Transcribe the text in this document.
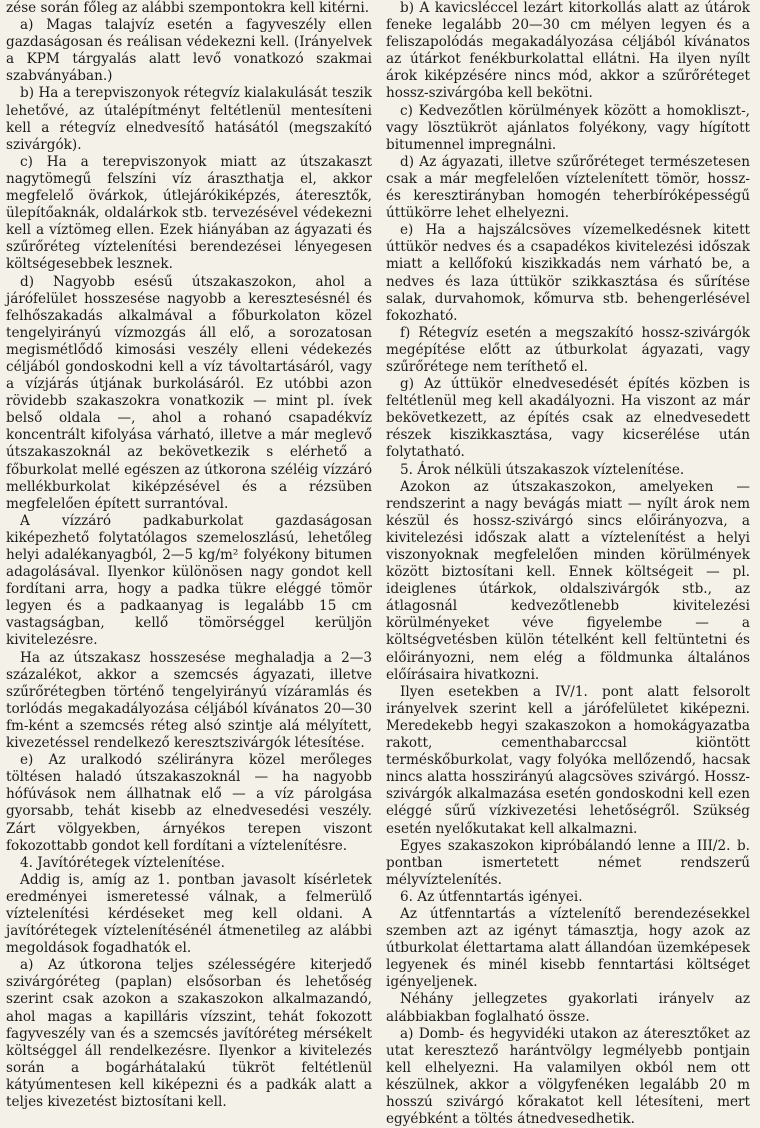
zése során főleg az alábbi szempontokra kell kitérni.

a) Magas talajvíz esetén a fagyveszély ellen gazdaságosan és reálisan védekezni kell. (Irányelvek a KPM tárgyalás alatt levő vonatkozó szakmai szabványában.)

b) Ha a terepviszonyok rétegvíz kialakulását teszik lehetővé, az útalépítményt feltétlenül mentesíteni kell a rétegvíz elnedvesítő hatásától (megszakító szivárgók).

c) Ha a terepviszonyok miatt az útszakaszt nagytömegű felszíni víz áraszthatja el, akkor megfelelő övárkok, útlejárókiképzés, áteresztők, ülepítőaknák, oldalárkok stb. tervezésével védekezni kell a víztömeg ellen. Ezek hiányában az ágyazati és szűrőréteg víztelenítési berendezései lényegesen költségesebbek lesznek.

d) Nagyobb esésű útszakaszokon, ahol a járófelület hosszesése nagyobb a keresztesésnél és felhőszakadás alkalmával a főburkolaton közel tengelyirányú vízmozgás áll elő, a sorozatosan megismétlődő kimosási veszély elleni védekezés céljából gondoskodni kell a víz távoltartásáról, vagy a vízjárás útjának burkolásáról. Ez utóbbi azon rövidebb szakaszokra vonatkozik — mint pl. ívek belső oldala —, ahol a rohanó csapadékvíz koncentrált kifolyása várható, illetve a már meglevő útszakaszoknál az bekövetkezik s elérhető a főburkolat mellé egészen az útkorona széléig vízzáró mellékburkolat kiképzésével és a rézsüben megfelelően épített surrantóval.

A vízzáró padkaburkolat gazdaságosan kiképezhető folytatólagos szemeloszlású, lehetőleg helyi adalékanyagból, 2—5 kg/m² folyékony bitumen adagolásával. Ilyenkor különösen nagy gondot kell fordítani arra, hogy a padka tükre eléggé tömör legyen és a padkaanyag is legalább 15 cm vastagságban, kellő tömörséggel kerüljön kivitelezésre.

Ha az útszakasz hosszesése meghaladja a 2—3 százalékot, akkor a szemcsés ágyazati, illetve szűrőrétegben történő tengelyirányú vízáramlás és torlódás megakadályozása céljából kívánatos 20—30 fm-ként a szemcsés réteg alsó szintje alá mélyített, kivezetéssel rendelkező keresztszivárgók létesítése.

e) Az uralkodó szélirányra közel merőleges töltésen haladó útszakaszoknál — ha nagyobb hófúvások nem állhatnak elő — a víz párolgása gyorsabb, tehát kisebb az elnedvesedési veszély. Zárt völgyekben, árnyékos terepen viszont fokozottabb gondot kell fordítani a víztelenítésre.

4. Javítórétegek víztelenítése.

Addig is, amíg az 1. pontban javasolt kísérletek eredményei ismeretessé válnak, a felmerülő víztelenítési kérdéseket meg kell oldani. A javítórétegek víztelenítésénél átmenetileg az alábbi megoldások fogadhatók el.

a) Az útkorona teljes szélességére kiterjedő szivárgóréteg (paplan) elsősorban és lehetőség szerint csak azokon a szakaszokon alkalmazandó, ahol magas a kapilláris vízszint, tehát fokozott fagyveszély van és a szemcsés javítóréteg mérsékelt költséggel áll rendelkezésre. Ilyenkor a kivitelezés során a bogárhátalakú tükröt feltétlenül kátyúmentesen kell kiképezni és a padkák alatt a teljes kivezetést biztosítani kell.

b) A kavicsléccel lezárt kitorkollás alatt az útárok feneke legalább 20—30 cm mélyen legyen és a feliszapolódás megakadályozása céljából kívánatos az útárkot fenékburkolattal ellátni. Ha ilyen nyílt árok kiképzésére nincs mód, akkor a szűrőréteget hossz-szivárgóba kell bekötni.

c) Kedvezőtlen körülmények között a homokliszt-, vagy lösztükröt ajánlatos folyékony, vagy hígított bitumennel impregnálni.

d) Az ágyazati, illetve szűrőréteget természetesen csak a már megfelelően víztelenített tömör, hossz- és keresztirányban homogén teherbíróképességű úttükörre lehet elhelyezni.

e) Ha a hajszálcsöves vízemelkedésnek kitett úttükör nedves és a csapadékos kivitelezési időszak miatt a kellőfokú kiszikkadás nem várható be, a nedves és laza úttükör szikkasztása és sűrítése salak, durvahomok, kőmurva stb. behengerlésével fokozható.

f) Rétegvíz esetén a megszakító hossz-szivárgók megépítése előtt az útburkolat ágyazati, vagy szűrőrétege nem teríthető el.

g) Az úttükör elnedvesedését építés közben is feltétlenül meg kell akadályozni. Ha viszont az már bekövetkezett, az építés csak az elnedvesedett részek kiszikkasztása, vagy kicserélése után folytatható.

5. Árok nélküli útszakaszok víztelenítése.

Azokon az útszakaszokon, amelyeken — rendszerint a nagy bevágás miatt — nyílt árok nem készül és hossz-szivárgó sincs előirányozva, a kivitelezési időszak alatt a víztelenítést a helyi viszonyoknak megfelelően minden körülmények között biztosítani kell. Ennek költségeit — pl. ideiglenes útárkok, oldalszivárgók stb., az átlagosnál kedvezőtlenebb kivitelezési körülményeket véve figyelembe — a költségvetésben külön tételként kell feltüntetni és előirányozni, nem elég a földmunka általános előírásaira hivatkozni.

Ilyen esetekben a IV/1. pont alatt felsorolt irányelvek szerint kell a járófelületet kiképezni. Meredekebb hegyi szakaszokon a homokágyazatba rakott, cementhabarccsal kiöntött terméskőburkolat, vagy folyóka mellőzendő, hacsak nincs alatta hosszirányú alagcsöves szivárgó. Hossz-szivárgók alkalmazása esetén gondoskodni kell ezen eléggé sűrű vízkivezetési lehetőségről. Szükség esetén nyelőkutakat kell alkalmazni.

Egyes szakaszokon kipróbálandó lenne a III/2. b. pontban ismertetett német rendszerű mélyvíztelenítés.

6. Az útfenntartás igényei.

Az útfenntartás a víztelenítő berendezésekkel szemben azt az igényt támasztja, hogy azok az útburkolat élettartama alatt állandóan üzemképesek legyenek és minél kisebb fenntartási költséget igényeljenek.

Néhány jellegzetes gyakorlati irányelv az alábbiakban foglalható össze.

a) Domb- és hegyvidéki utakon az áteresztőket az utat keresztező harántvölgy legmélyebb pontjain kell elhelyezni. Ha valamilyen okból nem ott készülnek, akkor a völgyfenéken legalább 20 m hosszú szivárgó kőrakatot kell létesíteni, mert egyébként a töltés átnedvesedhetik.
